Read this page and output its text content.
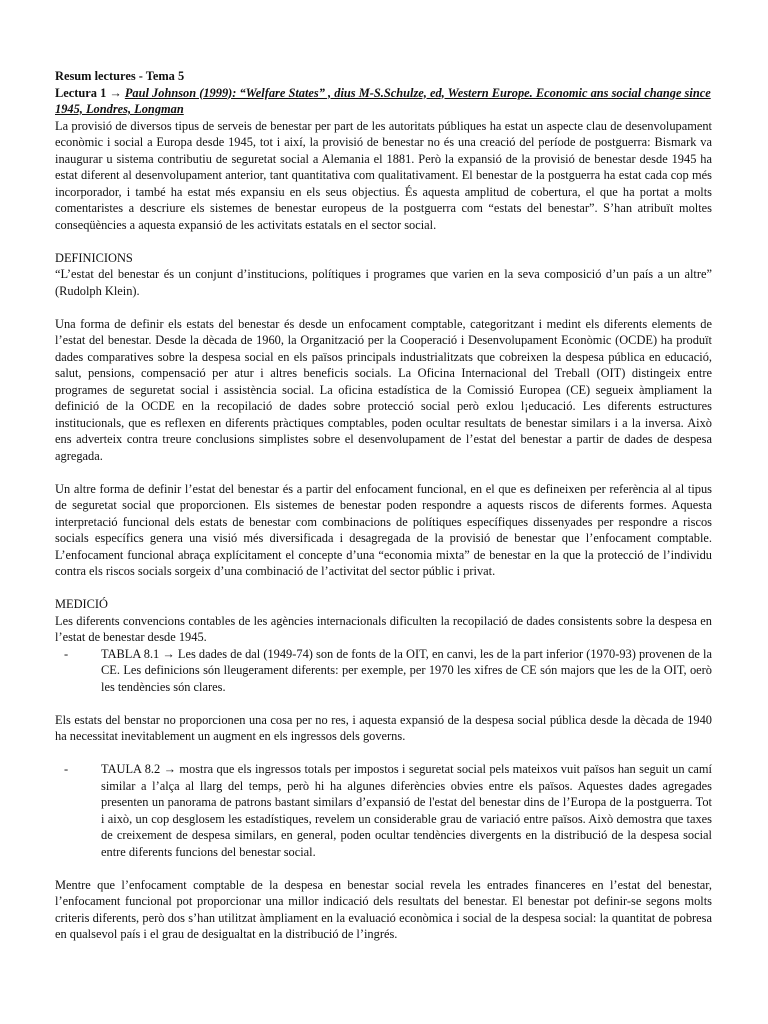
Resum lectures - Tema 5
Lectura 1 → Paul Johnson (1999): “Welfare States” , dius M-S.Schulze, ed, Western Europe. Economic ans social change since 1945, Londres, Longman

La provisió de diversos tipus de serveis de benestar per part de les autoritats públiques ha estat un aspecte clau de desenvolupament econòmic i social a Europa desde 1945, tot i així, la provisió de benestar no és una creació del període de postguerra: Bismark va inaugurar u sistema contributiu de seguretat social a Alemania el 1881. Però la expansió de la provisió de benestar desde 1945 ha estat diferent al desenvolupament anterior, tant quantitativa com qualitativament. El benestar de la postguerra ha estat cada cop més incorporador, i també ha estat més expansiu en els seus objectius. És aquesta amplitud de cobertura, el que ha portat a molts comentaristes a descriure els sistemes de benestar europeus de la postguerra com “estats del benestar”. S’han atribuït moltes conseqüències a aquesta expansió de les activitats estatals en el sector social.

DEFINICIONS

“L’estat del benestar és un conjunt d’institucions, polítiques i programes que varien en la seva composició d’un país a un altre” (Rudolph Klein).

Una forma de definir els estats del benestar és desde un enfocament comptable, categoritzant i medint els diferents elements de l’estat del benestar. Desde la dècada de 1960, la Organització per la Cooperació i Desenvolupament Econòmic (OCDE) ha produït dades comparatives sobre la despesa social en els països principals industrialitzats que cobreixen la despesa pública en educació, salut, pensions, compensació per atur i altres beneficis socials. La Oficina Internacional del Treball (OIT) distingeix entre programes de seguretat social i assistència social. La oficina estadística de la Comissió Europea (CE) segueix àmpliament la definició de la OCDE en la recopilació de dades sobre protecció social però exlou l¡educació. Les diferents estructures institucionals, que es reflexen en diferents pràctiques comptables, poden ocultar resultats de benestar similars i a la inversa. Això ens adverteix contra treure conclusions simplistes sobre el desenvolupament de l’estat del benestar a partir de dades de despesa agregada.

Un altre forma de definir l’estat del benestar és a partir del enfocament funcional, en el que es defineixen per referència al al tipus de seguretat social que proporcionen. Els sistemes de benestar poden respondre a aquests riscos de diferents formes. Aquesta interpretació funcional dels estats de benestar com combinacions de polítiques específiques dissenyades per respondre a riscos socials específics genera una visió més diversificada i desagregada de la provisió de benestar que l’enfocament comptable. L’enfocament funcional abraça explícitament el concepte d’una “economia mixta” de benestar en la que la protecció de l’individu contra els riscos socials sorgeix d’una combinació de l’activitat del sector públic i privat.

MEDICIÓ

Les diferents convencions contables de les agències internacionals dificulten la recopilació de dades consistents sobre la despesa en l’estat de benestar desde 1945.

-	TABLA 8.1 → Les dades de dal (1949-74) son de fonts de la OIT, en canvi, les de la part inferior (1970-93) provenen de la CE. Les definicions són lleugerament diferents: per exemple, per 1970 les xifres de CE són majors que les de la OIT, oerò les tendències són clares.

Els estats del benstar no proporcionen una cosa per no res, i aquesta expansió de la despesa social pública desde la dècada de 1940 ha necessitat inevitablement un augment en els ingressos dels governs.

-	TAULA 8.2 → mostra que els ingressos totals per impostos i seguretat social pels mateixos vuit països han seguit un camí similar a l’alça al llarg del temps, però hi ha algunes diferències obvies entre els països. Aquestes dades agregades presenten un panorama de patrons bastant similars d’expansió de l'estat del benestar dins de l’Europa de la postguerra. Tot i això, un cop desglosem les estadístiques, revelem un considerable grau de variació entre països. Això demostra que taxes de creixement de despesa similars, en general, poden ocultar tendències divergents en la distribució de la despesa social entre diferents funcions del benestar social.

Mentre que l’enfocament comptable de la despesa en benestar social revela les entrades financeres en l’estat del benestar, l’enfocament funcional pot proporcionar una millor indicació dels resultats del benestar. El benestar pot definir-se segons molts criteris diferents, però dos s’han utilitzat àmpliament en la evaluació econòmica i social de la despesa social: la quantitat de pobresa en qualsevol país i el grau de desigualtat en la distribució de l’ingrés.
